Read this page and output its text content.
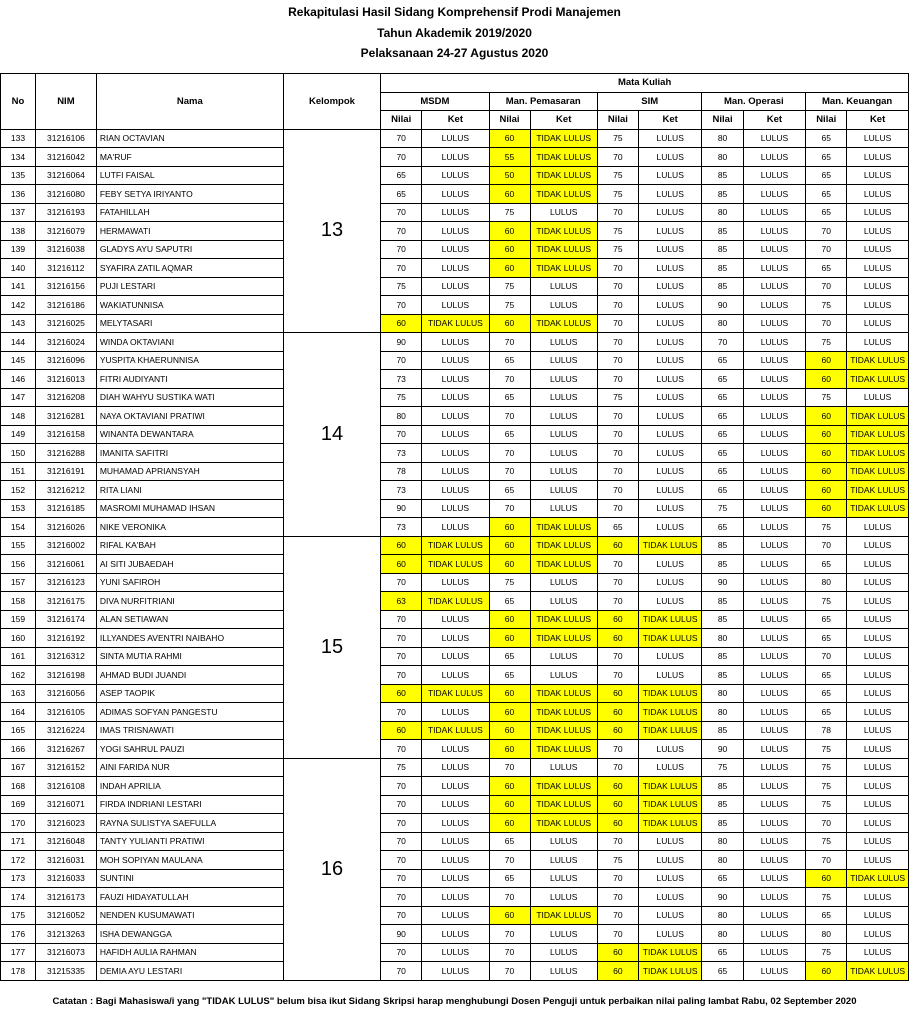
Rekapitulasi Hasil Sidang Komprehensif Prodi Manajemen
Tahun Akademik 2019/2020
Pelaksanaan 24-27 Agustus 2020
No	NIM	Nama	Kelompok	Mata Kuliah									
				MSDM		Man. Pemasaran		SIM		Man. Operasi		Man. Keuangan	
				Nilai	Ket	Nilai	Ket	Nilai	Ket	Nilai	Ket	Nilai	Ket
133	31216106	RIAN OCTAVIAN	13	70	LULUS	60	TIDAK LULUS	75	LULUS	80	LULUS	65	LULUS
134	31216042	MA'RUF		70	LULUS	55	TIDAK LULUS	70	LULUS	80	LULUS	65	LULUS
135	31216064	LUTFI FAISAL		65	LULUS	50	TIDAK LULUS	75	LULUS	85	LULUS	65	LULUS
136	31216080	FEBY SETYA IRIYANTO		65	LULUS	60	TIDAK LULUS	75	LULUS	85	LULUS	65	LULUS
137	31216193	FATAHILLAH		70	LULUS	75	LULUS	70	LULUS	80	LULUS	65	LULUS
138	31216079	HERMAWATI		70	LULUS	60	TIDAK LULUS	75	LULUS	85	LULUS	70	LULUS
139	31216038	GLADYS AYU SAPUTRI		70	LULUS	60	TIDAK LULUS	75	LULUS	85	LULUS	70	LULUS
140	31216112	SYAFIRA ZATIL AQMAR		70	LULUS	60	TIDAK LULUS	70	LULUS	85	LULUS	65	LULUS
141	31216156	PUJI LESTARI		75	LULUS	75	LULUS	70	LULUS	85	LULUS	70	LULUS
142	31216186	WAKIATUNNISA		70	LULUS	75	LULUS	70	LULUS	90	LULUS	75	LULUS
143	31216025	MELYTASARI		60	TIDAK LULUS	60	TIDAK LULUS	70	LULUS	80	LULUS	70	LULUS
144	31216024	WINDA OKTAVIANI	14	90	LULUS	70	LULUS	70	LULUS	70	LULUS	75	LULUS
145	31216096	YUSPITA KHAERUNNISA		70	LULUS	65	LULUS	70	LULUS	65	LULUS	60	TIDAK LULUS
146	31216013	FITRI AUDIYANTI		73	LULUS	70	LULUS	70	LULUS	65	LULUS	60	TIDAK LULUS
147	31216208	DIAH WAHYU SUSTIKA WATI		75	LULUS	65	LULUS	75	LULUS	65	LULUS	75	LULUS
148	31216281	NAYA OKTAVIANI PRATIWI		80	LULUS	70	LULUS	70	LULUS	65	LULUS	60	TIDAK LULUS
149	31216158	WINANTA DEWANTARA		70	LULUS	65	LULUS	70	LULUS	65	LULUS	60	TIDAK LULUS
150	31216288	IMANITA SAFITRI		73	LULUS	70	LULUS	70	LULUS	65	LULUS	60	TIDAK LULUS
151	31216191	MUHAMAD APRIANSYAH		78	LULUS	70	LULUS	70	LULUS	65	LULUS	60	TIDAK LULUS
152	31216212	RITA LIANI		73	LULUS	65	LULUS	70	LULUS	65	LULUS	60	TIDAK LULUS
153	31216185	MASROMI MUHAMAD IHSAN		90	LULUS	70	LULUS	70	LULUS	75	LULUS	60	TIDAK LULUS
154	31216026	NIKE VERONIKA		73	LULUS	60	TIDAK LULUS	65	LULUS	65	LULUS	75	LULUS
155	31216002	RIFAL KA'BAH	15	60	TIDAK LULUS	60	TIDAK LULUS	60	TIDAK LULUS	85	LULUS	70	LULUS
156	31216061	AI SITI JUBAEDAH		60	TIDAK LULUS	60	TIDAK LULUS	70	LULUS	85	LULUS	65	LULUS
157	31216123	YUNI SAFIROH		70	LULUS	75	LULUS	70	LULUS	90	LULUS	80	LULUS
158	31216175	DIVA NURFITRIANI		63	TIDAK LULUS	65	LULUS	70	LULUS	85	LULUS	75	LULUS
159	31216174	ALAN SETIAWAN		70	LULUS	60	TIDAK LULUS	60	TIDAK LULUS	85	LULUS	65	LULUS
160	31216192	ILLYANDES AVENTRI NAIBAHO		70	LULUS	60	TIDAK LULUS	60	TIDAK LULUS	80	LULUS	65	LULUS
161	31216312	SINTA MUTIA RAHMI		70	LULUS	65	LULUS	70	LULUS	85	LULUS	70	LULUS
162	31216198	AHMAD BUDI JUANDI		70	LULUS	65	LULUS	70	LULUS	85	LULUS	65	LULUS
163	31216056	ASEP TAOPIK		60	TIDAK LULUS	60	TIDAK LULUS	60	TIDAK LULUS	80	LULUS	65	LULUS
164	31216105	ADIMAS SOFYAN PANGESTU		70	LULUS	60	TIDAK LULUS	60	TIDAK LULUS	80	LULUS	65	LULUS
165	31216224	IMAS TRISNAWATI		60	TIDAK LULUS	60	TIDAK LULUS	60	TIDAK LULUS	85	LULUS	78	LULUS
166	31216267	YOGI SAHRUL PAUZI		70	LULUS	60	TIDAK LULUS	70	LULUS	90	LULUS	75	LULUS
167	31216152	AINI FARIDA NUR	16	75	LULUS	70	LULUS	70	LULUS	75	LULUS	75	LULUS
168	31216108	INDAH APRILIA		70	LULUS	60	TIDAK LULUS	60	TIDAK LULUS	85	LULUS	75	LULUS
169	31216071	FIRDA INDRIANI LESTARI		70	LULUS	60	TIDAK LULUS	60	TIDAK LULUS	85	LULUS	75	LULUS
170	31216023	RAYNA SULISTYA SAEFULLA		70	LULUS	60	TIDAK LULUS	60	TIDAK LULUS	85	LULUS	70	LULUS
171	31216048	TANTY YULIANTI PRATIWI		70	LULUS	65	LULUS	70	LULUS	80	LULUS	75	LULUS
172	31216031	MOH SOPIYAN MAULANA		70	LULUS	70	LULUS	75	LULUS	80	LULUS	70	LULUS
173	31216033	SUNTINI		70	LULUS	65	LULUS	70	LULUS	65	LULUS	60	TIDAK LULUS
174	31216173	FAUZI HIDAYATULLAH		70	LULUS	70	LULUS	70	LULUS	90	LULUS	75	LULUS
175	31216052	NENDEN KUSUMAWATI		70	LULUS	60	TIDAK LULUS	70	LULUS	80	LULUS	65	LULUS
176	31213263	ISHA DEWANGGA		90	LULUS	70	LULUS	70	LULUS	80	LULUS	80	LULUS
177	31216073	HAFIDH AULIA RAHMAN		70	LULUS	70	LULUS	60	TIDAK LULUS	65	LULUS	75	LULUS
178	31215335	DEMIA AYU LESTARI		70	LULUS	70	LULUS	60	TIDAK LULUS	65	LULUS	60	TIDAK LULUS
Catatan : Bagi Mahasiswa/i yang "TIDAK LULUS" belum bisa ikut Sidang Skripsi harap menghubungi Dosen Penguji untuk perbaikan nilai paling lambat Rabu, 02 September 2020
